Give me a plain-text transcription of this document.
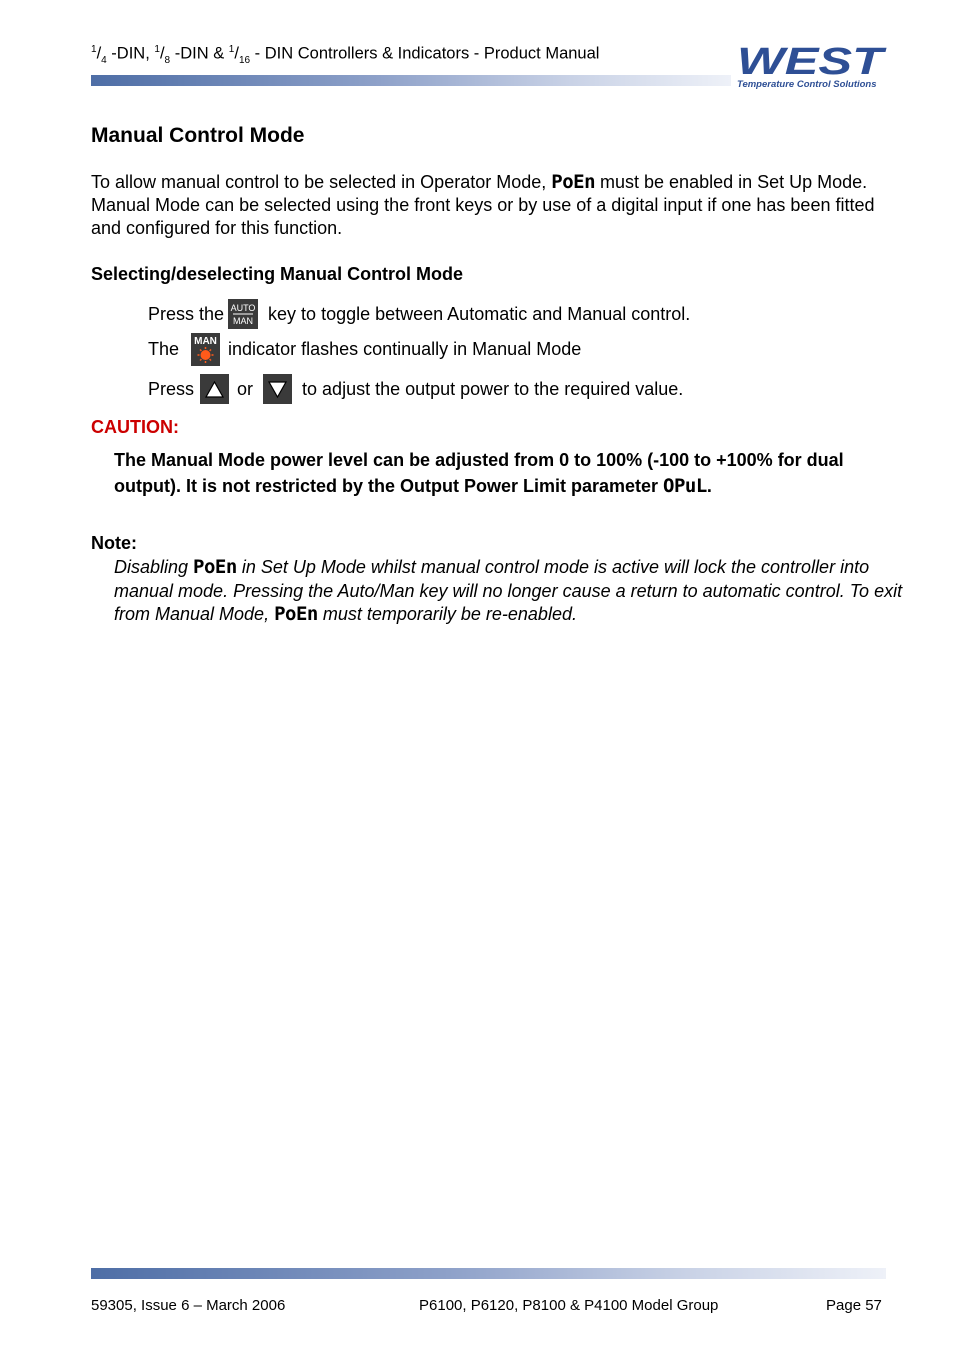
$^1/_4$ -DIN, $^1/_8$ -DIN & $^1/_{16}$ - DIN Controllers & Indicators - Product Manual	WEST
Temperature Control Solutions
Manual Control Mode

To allow manual control to be selected in Operator Mode, PoEn must be enabled in Set Up Mode. Manual Mode can be selected using the front keys or by use of a digital input if one has been fitted and configured for this function.

Selecting/deselecting Manual Control Mode
Press the AUTO
MAN key to toggle between Automatic and Manual control.
The MAN indicator flashes continually in Manual Mode
Press or	to adjust the output power to the required value.
CAUTION:

The Manual Mode power level can be adjusted from 0 to 100% (-100 to +100% for dual output). It is not restricted by the Output Power Limit parameter OPuL.

Note:

Disabling PoEn in Set Up Mode whilst manual control mode is active will lock the controller into manual mode. Pressing the Auto/Man key will no longer cause a return to automatic control. To exit from Manual Mode, PoEn must temporarily be re-enabled.

59305, Issue 6 – March 2006	P6100, P6120, P8100 & P4100 Model Group	Page 57
